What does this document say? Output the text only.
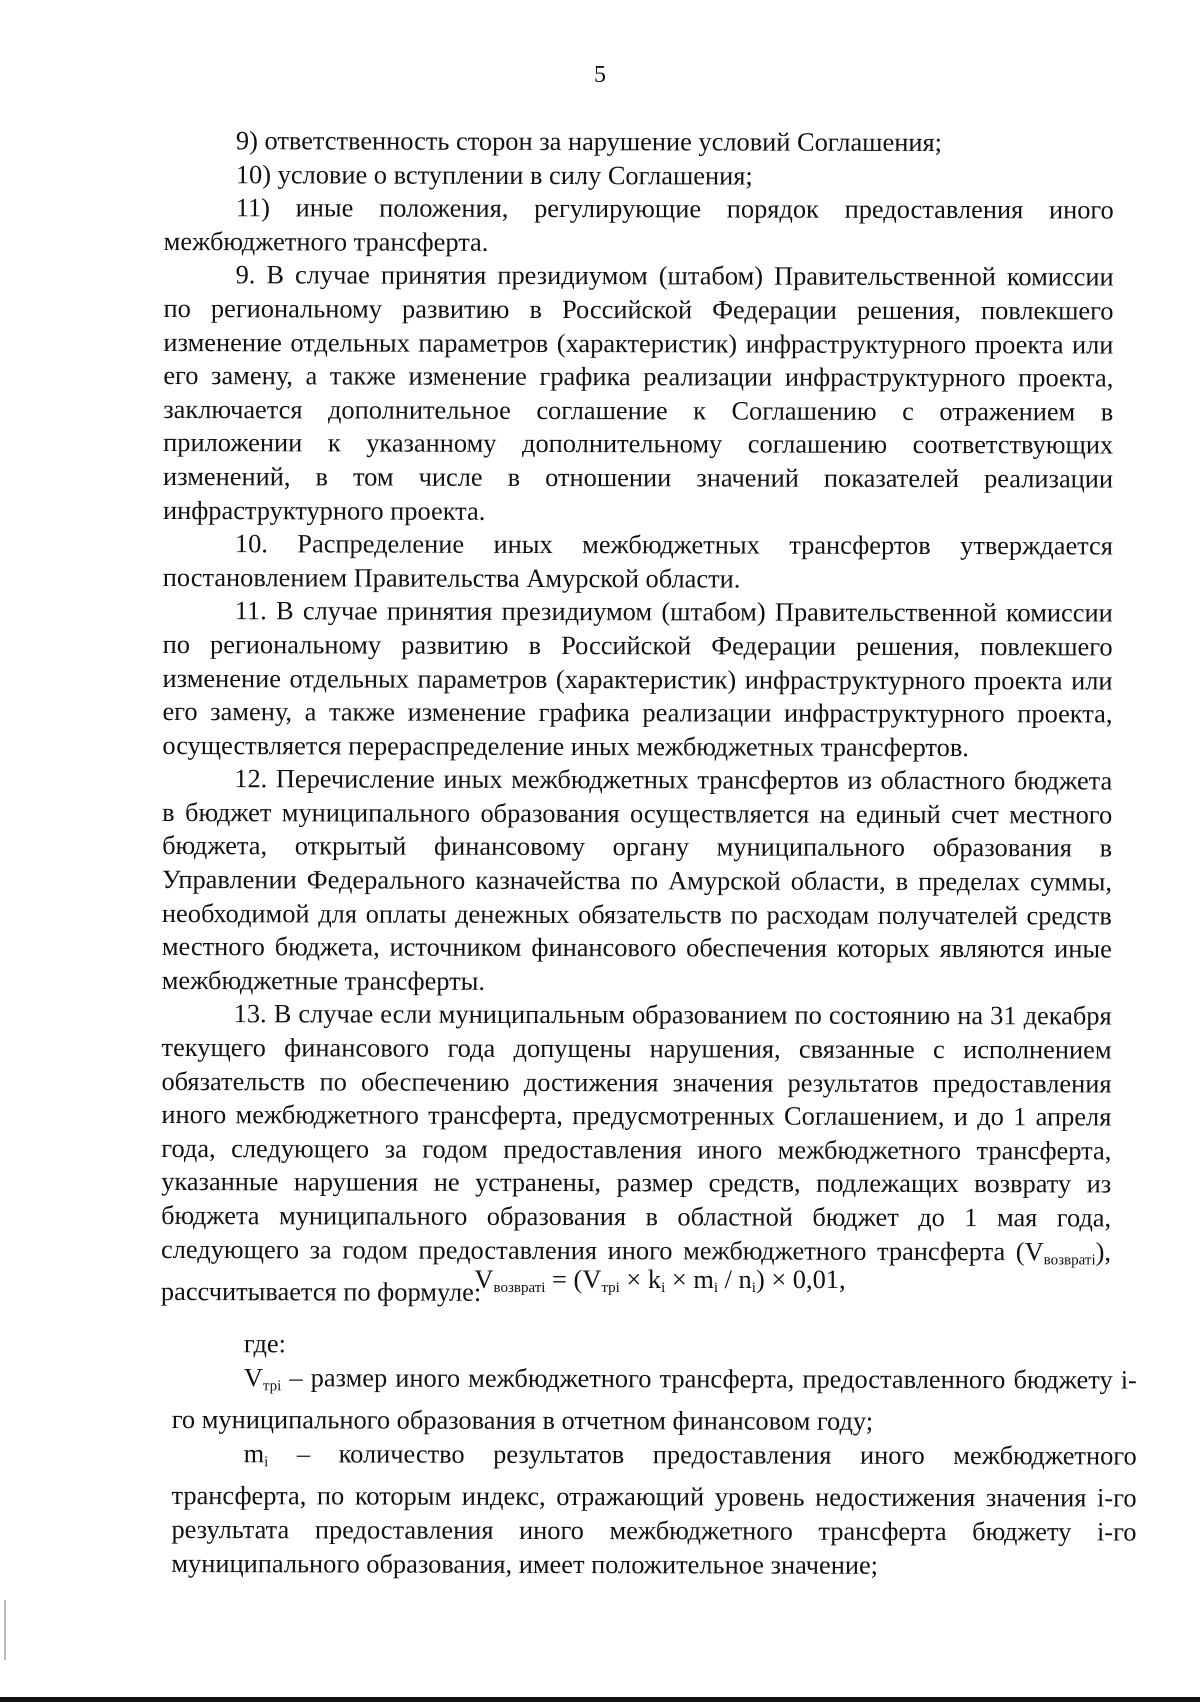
5

9) ответственность сторон за нарушение условий Соглашения;

10) условие о вступлении в силу Соглашения;

11) иные положения, регулирующие порядок предоставления иного межбюджетного трансферта.

9. В случае принятия президиумом (штабом) Правительственной комиссии по региональному развитию в Российской Федерации решения, повлекшего изменение отдельных параметров (характеристик) инфраструктурного проекта или его замену, а также изменение графика реализации инфраструктурного проекта, заключается дополнительное соглашение к Соглашению с отражением в приложении к указанному дополнительному соглашению соответствующих изменений, в том числе в отношении значений показателей реализации инфраструктурного проекта.

10. Распределение иных межбюджетных трансфертов утверждается постановлением Правительства Амурской области.

11. В случае принятия президиумом (штабом) Правительственной комиссии по региональному развитию в Российской Федерации решения, повлекшего изменение отдельных параметров (характеристик) инфраструктурного проекта или его замену, а также изменение графика реализации инфраструктурного проекта, осуществляется перераспределение иных межбюджетных трансфертов.

12. Перечисление иных межбюджетных трансфертов из областного бюджета в бюджет муниципального образования осуществляется на единый счет местного бюджета, открытый финансовому органу муниципального образования в Управлении Федерального казначейства по Амурской области, в пределах суммы, необходимой для оплаты денежных обязательств по расходам получателей средств местного бюджета, источником финансового обеспечения которых являются иные межбюджетные трансферты.

13. В случае если муниципальным образованием по состоянию на 31 декабря текущего финансового года допущены нарушения, связанные с исполнением обязательств по обеспечению достижения значения результатов предоставления иного межбюджетного трансферта, предусмотренных Соглашением, и до 1 апреля года, следующего за годом предоставления иного межбюджетного трансферта, указанные нарушения не устранены, размер средств, подлежащих возврату из бюджета муниципального образования в областной бюджет до 1 мая года, следующего за годом предоставления иного межбюджетного трансферта $(V_{возвратi})$, рассчитывается по формуле:

$V_{возвратi} = (V_{трi} \times k_i \times m_i / n_i) \times 0,01$,

где:

$V_{трi}$ – размер иного межбюджетного трансферта, предоставленного бюджету i-го муниципального образования в отчетном финансовом году;

$m_i$ – количество результатов предоставления иного межбюджетного трансферта, по которым индекс, отражающий уровень недостижения значения i-го результата предоставления иного межбюджетного трансферта бюджету i-го муниципального образования, имеет положительное значение;
